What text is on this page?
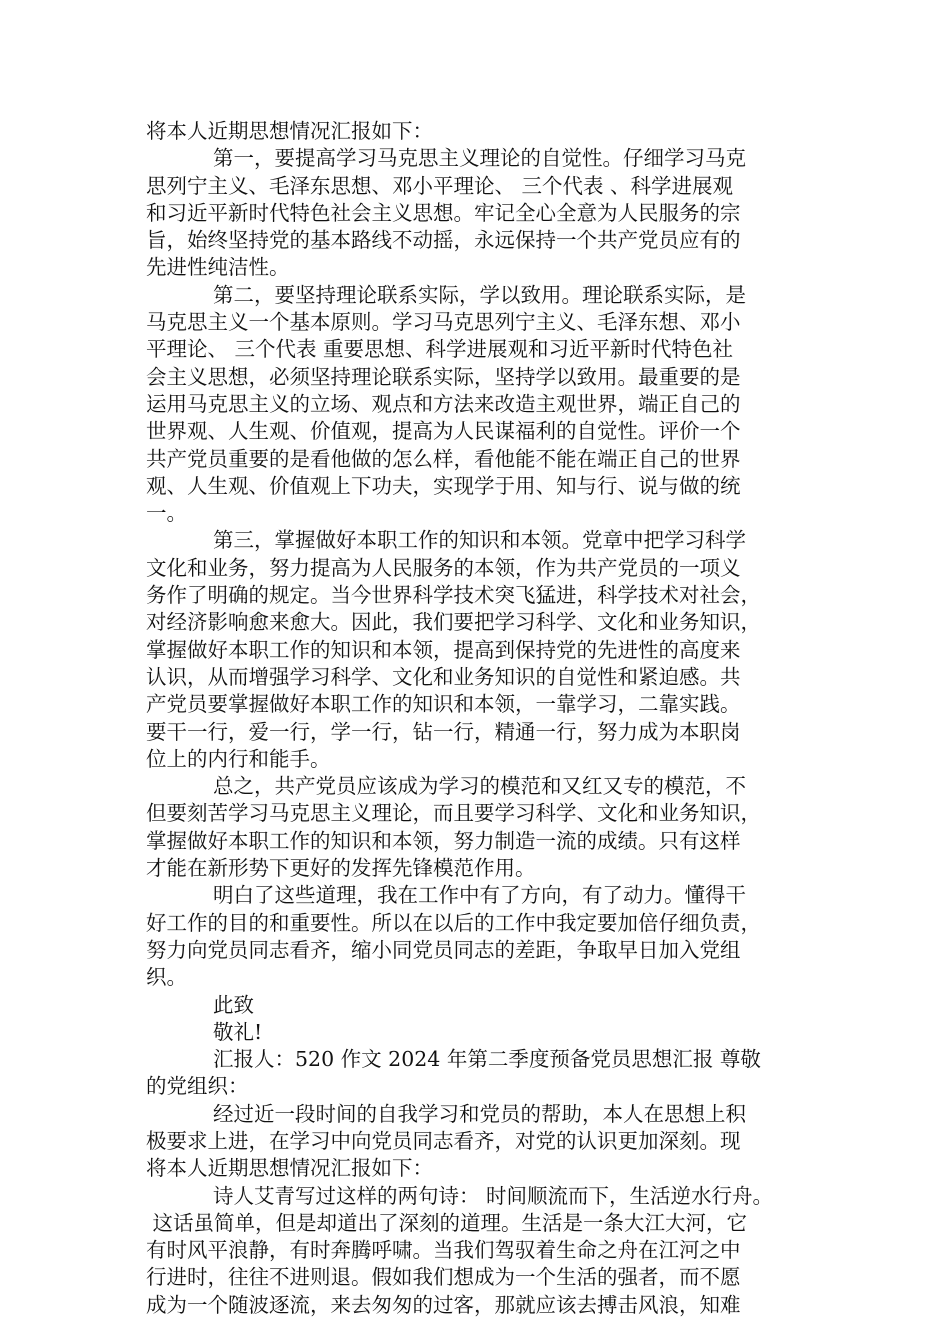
将本人近期思想情况汇报如下：
第一，要提高学习马克思主义理论的自觉性。仔细学习马克
思列宁主义、毛泽东思想、邓小平理论、 三个代表 、科学进展观
和习近平新时代特色社会主义思想。牢记全心全意为人民服务的宗
旨，始终坚持党的基本路线不动摇，永远保持一个共产党员应有的
先进性纯洁性。
第二，要坚持理论联系实际，学以致用。理论联系实际，是
马克思主义一个基本原则。学习马克思列宁主义、毛泽东想、邓小
平理论、 三个代表 重要思想、科学进展观和习近平新时代特色社
会主义思想，必须坚持理论联系实际，坚持学以致用。最重要的是
运用马克思主义的立场、观点和方法来改造主观世界，端正自己的
世界观、人生观、价值观，提高为人民谋福利的自觉性。评价一个
共产党员重要的是看他做的怎么样，看他能不能在端正自己的世界
观、人生观、价值观上下功夫，实现学于用、知与行、说与做的统
一。
第三，掌握做好本职工作的知识和本领。党章中把学习科学
文化和业务，努力提高为人民服务的本领，作为共产党员的一项义
务作了明确的规定。当今世界科学技术突飞猛进，科学技术对社会，
对经济影响愈来愈大。因此，我们要把学习科学、文化和业务知识，
掌握做好本职工作的知识和本领，提高到保持党的先进性的高度来
认识，从而增强学习科学、文化和业务知识的自觉性和紧迫感。共
产党员要掌握做好本职工作的知识和本领，一靠学习，二靠实践。
要干一行，爱一行，学一行，钻一行，精通一行，努力成为本职岗
位上的内行和能手。
总之，共产党员应该成为学习的模范和又红又专的模范，不
但要刻苦学习马克思主义理论，而且要学习科学、文化和业务知识，
掌握做好本职工作的知识和本领，努力制造一流的成绩。只有这样
才能在新形势下更好的发挥先锋模范作用。
明白了这些道理，我在工作中有了方向，有了动力。懂得干
好工作的目的和重要性。所以在以后的工作中我定要加倍仔细负责，
努力向党员同志看齐，缩小同党员同志的差距，争取早日加入党组
织。
此致
敬礼!
汇报人：520 作文 2024 年第二季度预备党员思想汇报 尊敬
的党组织：
经过近一段时间的自我学习和党员的帮助，本人在思想上积
极要求上进，在学习中向党员同志看齐，对党的认识更加深刻。现
将本人近期思想情况汇报如下：
诗人艾青写过这样的两句诗： 时间顺流而下，生活逆水行舟。
这话虽简单，但是却道出了深刻的道理。生活是一条大江大河，它
有时风平浪静，有时奔腾呼啸。当我们驾驭着生命之舟在江河之中
行进时，往往不进则退。假如我们想成为一个生活的强者，而不愿
成为一个随波逐流，来去匆匆的过客，那就应该去搏击风浪，知难
